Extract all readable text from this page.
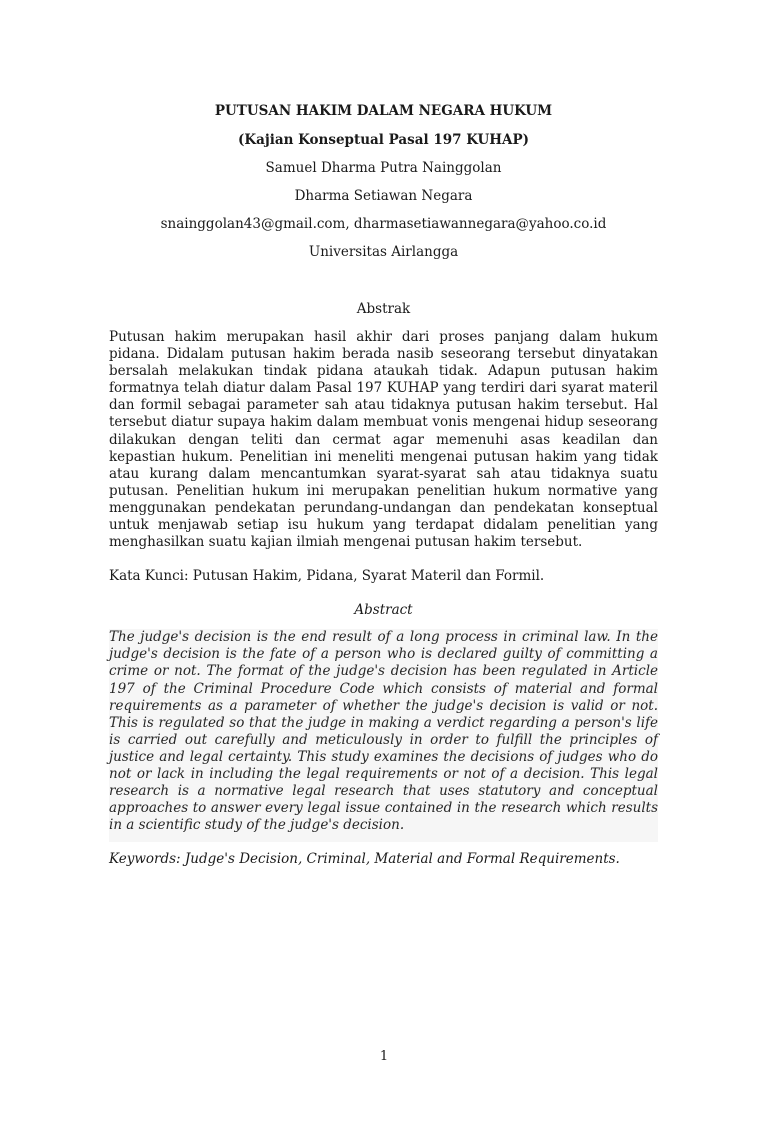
PUTUSAN HAKIM DALAM NEGARA HUKUM

(Kajian Konseptual Pasal 197 KUHAP)

Samuel Dharma Putra Nainggolan

Dharma Setiawan Negara

snainggolan43@gmail.com, dharmasetiawannegara@yahoo.co.id

Universitas Airlangga

Abstrak

Putusan hakim merupakan hasil akhir dari proses panjang dalam hukum pidana. Didalam putusan hakim berada nasib seseorang tersebut dinyatakan bersalah melakukan tindak pidana ataukah tidak. Adapun putusan hakim formatnya telah diatur dalam Pasal 197 KUHAP yang terdiri dari syarat materil dan formil sebagai parameter sah atau tidaknya putusan hakim tersebut. Hal tersebut diatur supaya hakim dalam membuat vonis mengenai hidup seseorang dilakukan dengan teliti dan cermat agar memenuhi asas keadilan dan kepastian hukum. Penelitian ini meneliti mengenai putusan hakim yang tidak atau kurang dalam mencantumkan syarat-syarat sah atau tidaknya suatu putusan. Penelitian hukum ini merupakan penelitian hukum normative yang menggunakan pendekatan perundang-undangan dan pendekatan konseptual untuk menjawab setiap isu hukum yang terdapat didalam penelitian yang menghasilkan suatu kajian ilmiah mengenai putusan hakim tersebut.

Kata Kunci: Putusan Hakim, Pidana, Syarat Materil dan Formil.

Abstract

The judge's decision is the end result of a long process in criminal law. In the judge's decision is the fate of a person who is declared guilty of committing a crime or not. The format of the judge's decision has been regulated in Article 197 of the Criminal Procedure Code which consists of material and formal requirements as a parameter of whether the judge's decision is valid or not. This is regulated so that the judge in making a verdict regarding a person's life is carried out carefully and meticulously in order to fulfill the principles of justice and legal certainty. This study examines the decisions of judges who do not or lack in including the legal requirements or not of a decision. This legal research is a normative legal research that uses statutory and conceptual approaches to answer every legal issue contained in the research which results in a scientific study of the judge's decision.

Keywords: Judge's Decision, Criminal, Material and Formal Requirements.

1
